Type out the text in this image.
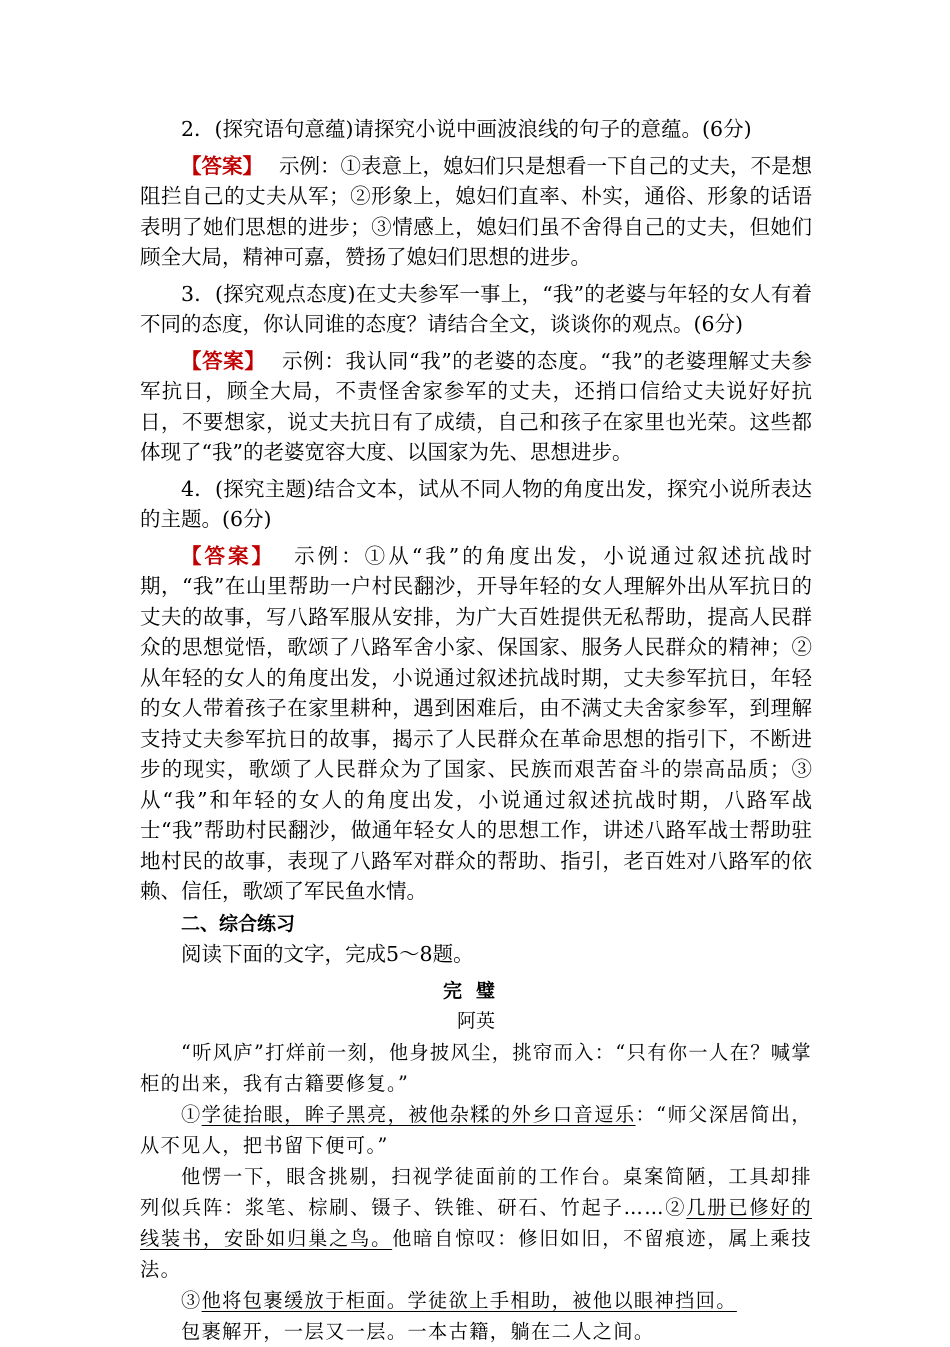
2．(探究语句意蕴)请探究小说中画波浪线的句子的意蕴。(6分)

【答案】 示例：①表意上，媳妇们只是想看一下自己的丈夫，不是想阻拦自己的丈夫从军；②形象上，媳妇们直率、朴实，通俗、形象的话语表明了她们思想的进步；③情感上，媳妇们虽不舍得自己的丈夫，但她们顾全大局，精神可嘉，赞扬了媳妇们思想的进步。

3．(探究观点态度)在丈夫参军一事上，“我”的老婆与年轻的女人有着不同的态度，你认同谁的态度？请结合全文，谈谈你的观点。(6分)

【答案】 示例：我认同“我”的老婆的态度。“我”的老婆理解丈夫参军抗日，顾全大局，不责怪舍家参军的丈夫，还捎口信给丈夫说好好抗日，不要想家，说丈夫抗日有了成绩，自己和孩子在家里也光荣。这些都体现了“我”的老婆宽容大度、以国家为先、思想进步。

4．(探究主题)结合文本，试从不同人物的角度出发，探究小说所表达的主题。(6分)

【答案】 示例：①从“我”的角度出发，小说通过叙述抗战时期，“我”在山里帮助一户村民翻沙，开导年轻的女人理解外出从军抗日的丈夫的故事，写八路军服从安排，为广大百姓提供无私帮助，提高人民群众的思想觉悟，歌颂了八路军舍小家、保国家、服务人民群众的精神；②从年轻的女人的角度出发，小说通过叙述抗战时期，丈夫参军抗日，年轻的女人带着孩子在家里耕种，遇到困难后，由不满丈夫舍家参军，到理解支持丈夫参军抗日的故事，揭示了人民群众在革命思想的指引下，不断进步的现实，歌颂了人民群众为了国家、民族而艰苦奋斗的崇高品质；③从“我”和年轻的女人的角度出发，小说通过叙述抗战时期，八路军战士“我”帮助村民翻沙，做通年轻女人的思想工作，讲述八路军战士帮助驻地村民的故事，表现了八路军对群众的帮助、指引，老百姓对八路军的依赖、信任，歌颂了军民鱼水情。

二、综合练习

阅读下面的文字，完成5～8题。

完璧

阿英

“听风庐”打烊前一刻，他身披风尘，挑帘而入：“只有你一人在？喊掌柜的出来，我有古籍要修复。”

①学徒抬眼，眸子黑亮，被他杂糅的外乡口音逗乐：“师父深居简出，从不见人，把书留下便可。”

他愣一下，眼含挑剔，扫视学徒面前的工作台。桌案简陋，工具却排列似兵阵：浆笔、棕刷、镊子、铁锥、研石、竹起子……②几册已修好的线装书，安卧如归巢之鸟。他暗自惊叹：修旧如旧，不留痕迹，属上乘技法。

③他将包裹缓放于柜面。学徒欲上手相助，被他以眼神挡回。

包裹解开，一层又一层。一本古籍，躺在二人之间。
